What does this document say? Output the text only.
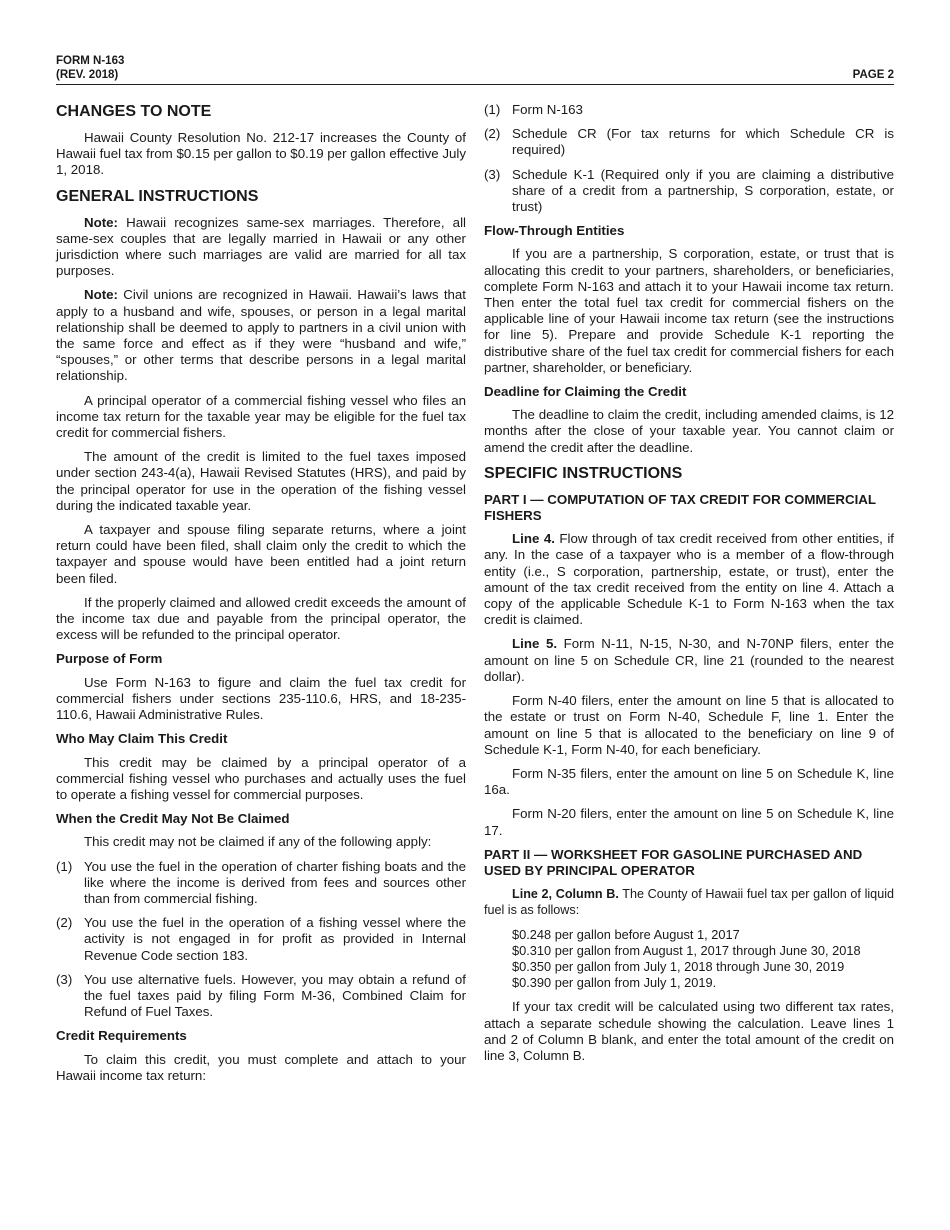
FORM N-163
(REV. 2018)	PAGE 2
CHANGES TO NOTE

Hawaii County Resolution No. 212-17 increases the County of Hawaii fuel tax from $0.15 per gallon to $0.19 per gallon effective July 1, 2018.

GENERAL INSTRUCTIONS

Note: Hawaii recognizes same-sex marriages. Therefore, all same-sex couples that are legally married in Hawaii or any other jurisdiction where such marriages are valid are married for all tax purposes.

Note: Civil unions are recognized in Hawaii. Hawaii’s laws that apply to a husband and wife, spouses, or person in a legal marital relationship shall be deemed to apply to partners in a civil union with the same force and effect as if they were “husband and wife,” “spouses,” or other terms that describe persons in a legal marital relationship.

A principal operator of a commercial fishing vessel who files an income tax return for the taxable year may be eligible for the fuel tax credit for commercial fishers.

The amount of the credit is limited to the fuel taxes imposed under section 243-4(a), Hawaii Revised Statutes (HRS), and paid by the principal operator for use in the operation of the fishing vessel during the indicated taxable year.

A taxpayer and spouse filing separate returns, where a joint return could have been filed, shall claim only the credit to which the taxpayer and spouse would have been entitled had a joint return been filed.

If the properly claimed and allowed credit exceeds the amount of the income tax due and payable from the principal operator, the excess will be refunded to the principal operator.

Purpose of Form

Use Form N-163 to figure and claim the fuel tax credit for commercial fishers under sections 235-110.6, HRS, and 18-235-110.6, Hawaii Administrative Rules.

Who May Claim This Credit

This credit may be claimed by a principal operator of a commercial fishing vessel who purchases and actually uses the fuel to operate a fishing vessel for commercial purposes.

When the Credit May Not Be Claimed

This credit may not be claimed if any of the following apply:

(1) You use the fuel in the operation of charter fishing boats and the like where the income is derived from fees and sources other than from commercial fishing.
(2) You use the fuel in the operation of a fishing vessel where the activity is not engaged in for profit as provided in Internal Revenue Code section 183.
(3) You use alternative fuels. However, you may obtain a refund of the fuel taxes paid by filing Form M-36, Combined Claim for Refund of Fuel Taxes.
Credit Requirements

To claim this credit, you must complete and attach to your Hawaii income tax return:

(1) Form N-163
(2) Schedule CR (For tax returns for which Schedule CR is required)
(3) Schedule K-1 (Required only if you are claiming a distributive share of a credit from a partnership, S corporation, estate, or trust)
Flow-Through Entities

If you are a partnership, S corporation, estate, or trust that is allocating this credit to your partners, shareholders, or beneficiaries, complete Form N-163 and attach it to your Hawaii income tax return. Then enter the total fuel tax credit for commercial fishers on the applicable line of your Hawaii income tax return (see the instructions for line 5). Prepare and provide Schedule K-1 reporting the distributive share of the fuel tax credit for commercial fishers for each partner, shareholder, or beneficiary.

Deadline for Claiming the Credit

The deadline to claim the credit, including amended claims, is 12 months after the close of your taxable year. You cannot claim or amend the credit after the deadline.

SPECIFIC INSTRUCTIONS
PART I — COMPUTATION OF TAX CREDIT FOR COMMERCIAL FISHERS

Line 4. Flow through of tax credit received from other entities, if any. In the case of a taxpayer who is a member of a flow-through entity (i.e., S corporation, partnership, estate, or trust), enter the amount of the tax credit received from the entity on line 4. Attach a copy of the applicable Schedule K-1 to Form N-163 when the tax credit is claimed.

Line 5. Form N-11, N-15, N-30, and N-70NP filers, enter the amount on line 5 on Schedule CR, line 21 (rounded to the nearest dollar).

Form N-40 filers, enter the amount on line 5 that is allocated to the estate or trust on Form N-40, Schedule F, line 1. Enter the amount on line 5 that is allocated to the beneficiary on line 9 of Schedule K-1, Form N-40, for each beneficiary.

Form N-35 filers, enter the amount on line 5 on Schedule K, line 16a.

Form N-20 filers, enter the amount on line 5 on Schedule K, line 17.

PART II — WORKSHEET FOR GASOLINE PURCHASED AND USED BY PRINCIPAL OPERATOR

Line 2, Column B. The County of Hawaii fuel tax per gallon of liquid fuel is as follows:

$0.248 per gallon before August 1, 2017
$0.310 per gallon from August 1, 2017 through June 30, 2018
$0.350 per gallon from July 1, 2018 through June 30, 2019
$0.390 per gallon from July 1, 2019.

If your tax credit will be calculated using two different tax rates, attach a separate schedule showing the calculation. Leave lines 1 and 2 of Column B blank, and enter the total amount of the credit on line 3, Column B.
